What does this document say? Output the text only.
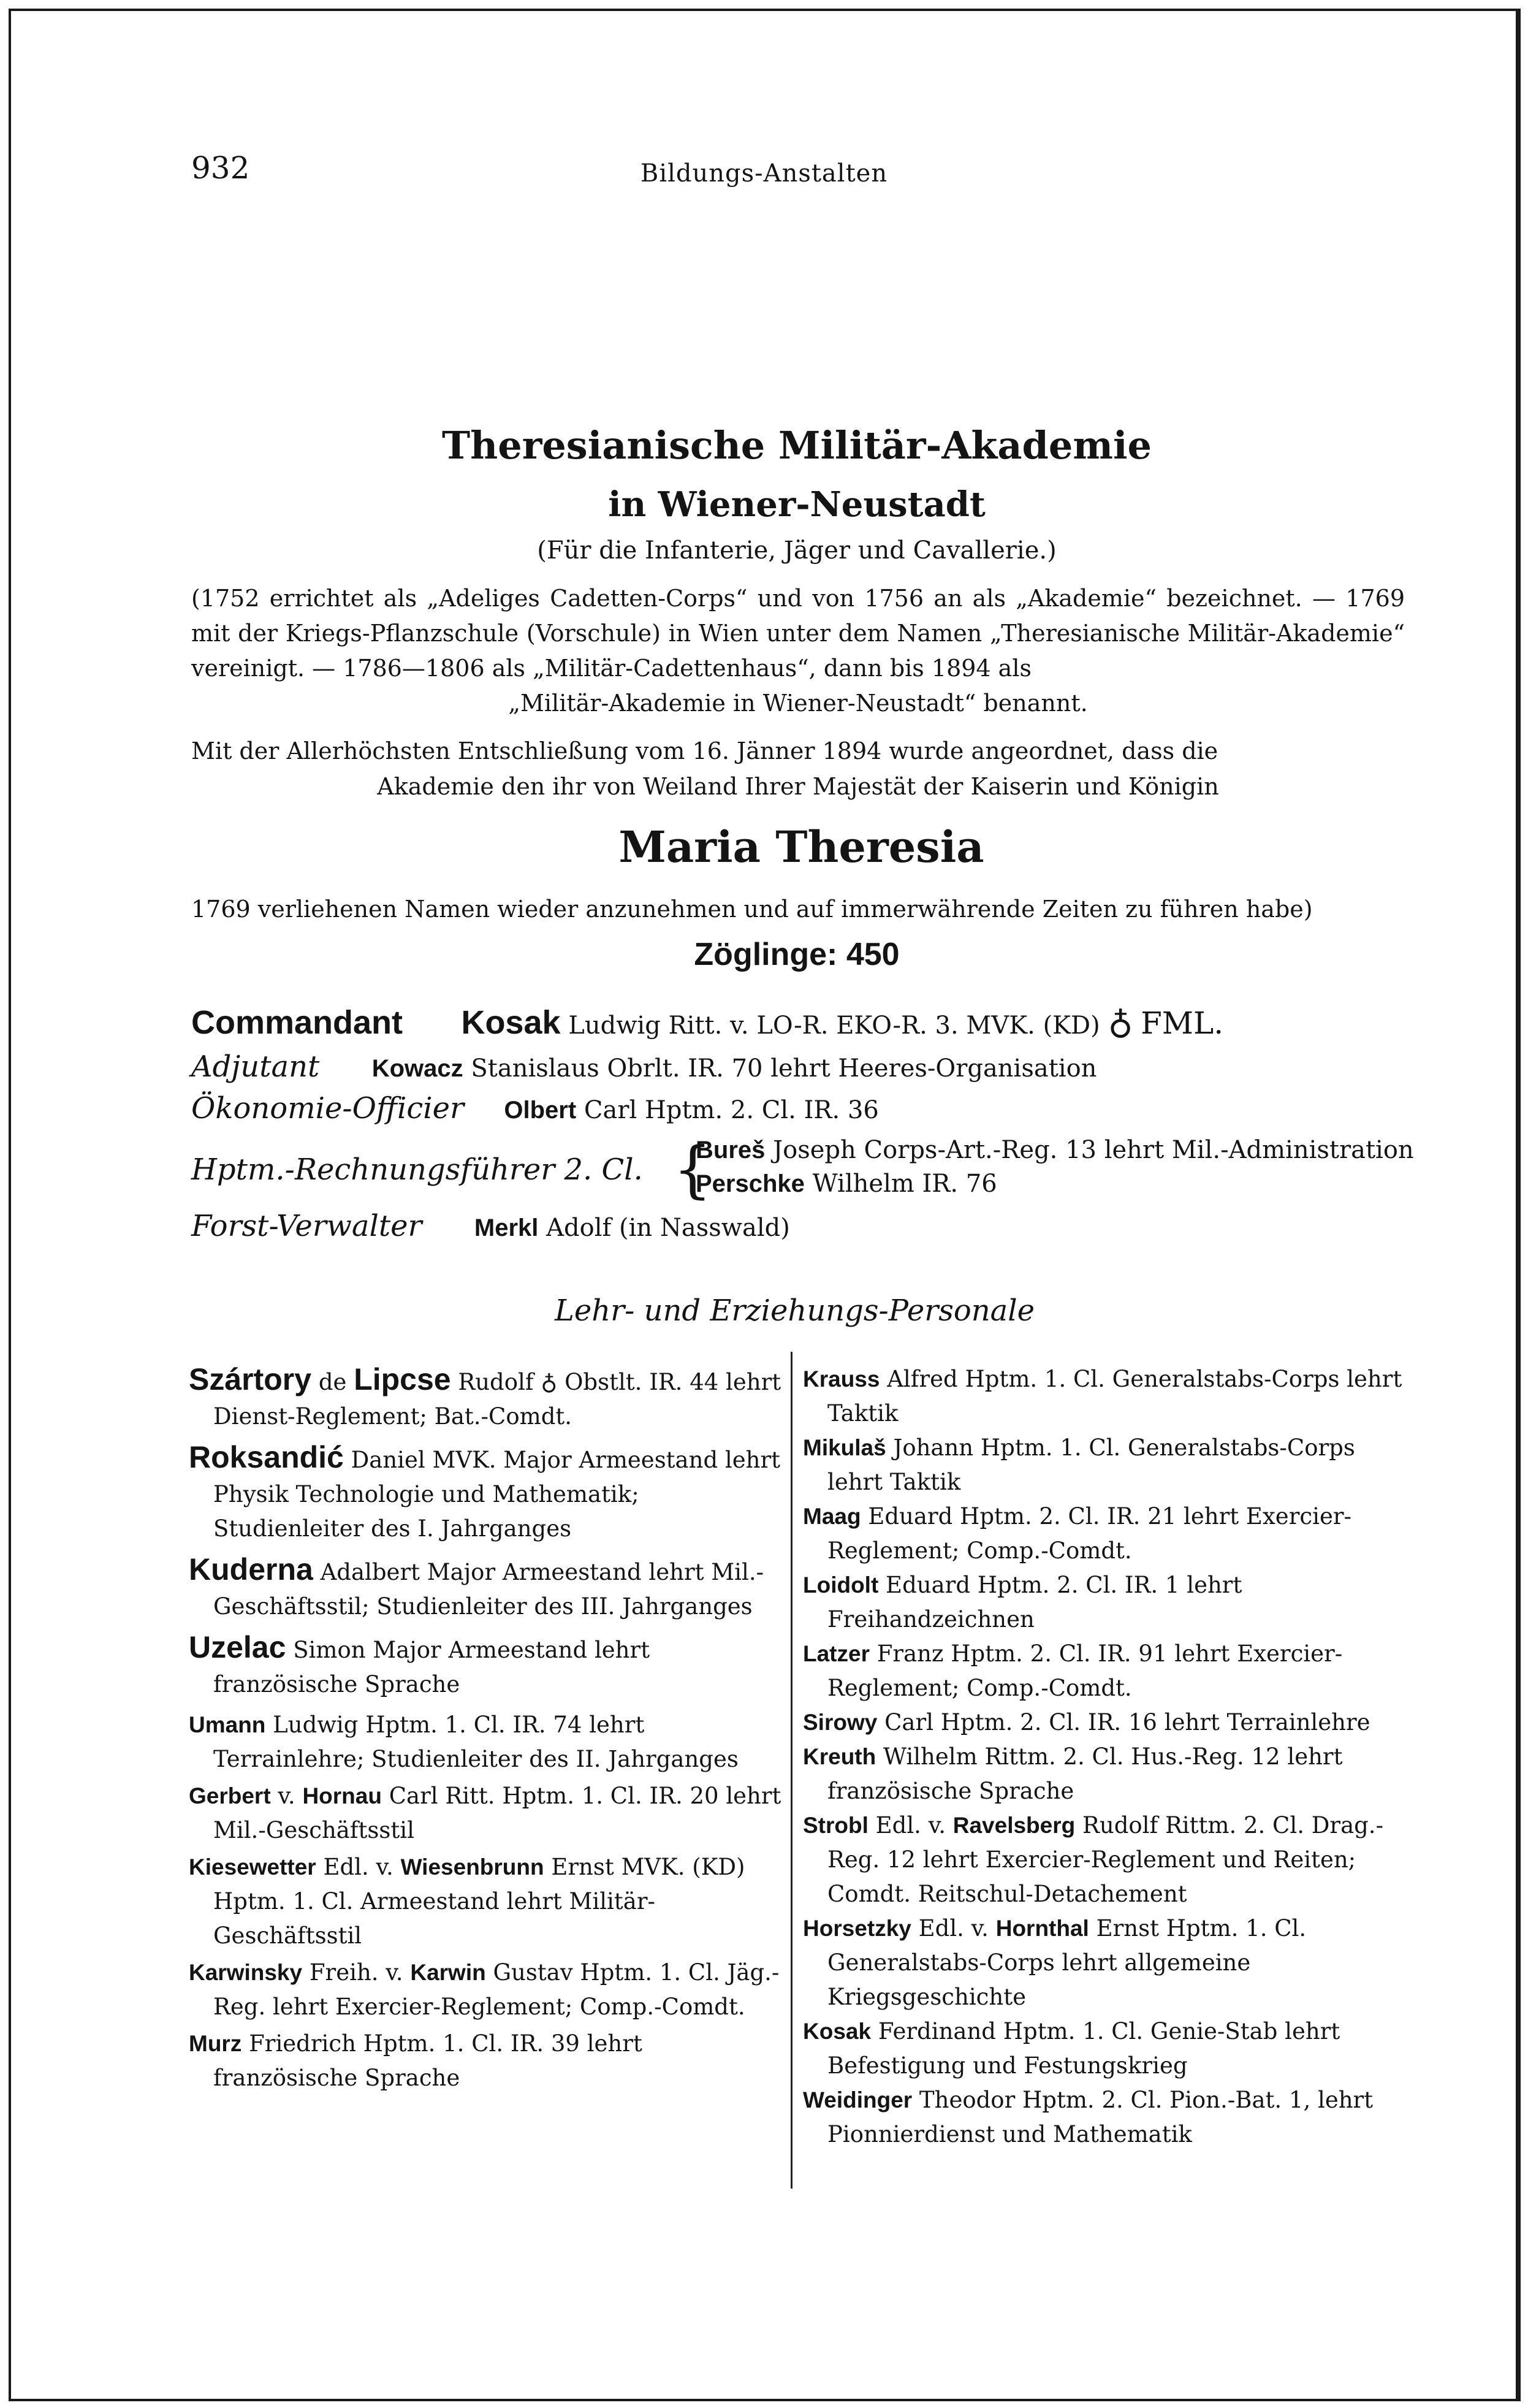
932	Bildungs-Anstalten
Theresianische Militär-Akademie
in Wiener-Neustadt
(Für die Infanterie, Jäger und Cavallerie.)
(1752 errichtet als „Adeliges Cadetten-Corps“ und von 1756 an als „Akademie“ bezeichnet. — 1769 mit der Kriegs-Pflanzschule (Vorschule) in Wien unter dem Namen „Theresianische Militär-Akademie“ vereinigt. — 1786—1806 als „Militär-Cadettenhaus“, dann bis 1894 als
„Militär-Akademie in Wiener-Neustadt“ benannt.
Mit der Allerhöchsten Entschließung vom 16. Jänner 1894 wurde angeordnet, dass die
Akademie den ihr von Weiland Ihrer Majestät der Kaiserin und Königin
Maria Theresia
1769 verliehenen Namen wieder anzunehmen und auf immerwährende Zeiten zu führen habe)
Zöglinge: 450
Commandant Kosak Ludwig Ritt. v. LO-R. EKO-R. 3. MVK. (KD) ♁ FML.
Adjutant Kowacz Stanislaus Obrlt. IR. 70 lehrt Heeres-Organisation
Ökonomie-Officier Olbert Carl Hptm. 2. Cl. IR. 36
Hptm.-Rechnungsführer 2. Cl. {
Bureš Joseph Corps-Art.-Reg. 13 lehrt Mil.-Administration
Perschke Wilhelm IR. 76
Forst-Verwalter Merkl Adolf (in Nasswald)
Lehr- und Erziehungs-Personale

Szártory de Lipcse Rudolf ♁ Obstlt. IR. 44 lehrt Dienst-Reglement; Bat.-Comdt.

Roksandić Daniel MVK. Major Armeestand lehrt Physik Technologie und Mathematik; Studienleiter des I. Jahrganges

Kuderna Adalbert Major Armeestand lehrt Mil.-Geschäftsstil; Studienleiter des III. Jahrganges

Uzelac Simon Major Armeestand lehrt französische Sprache

Umann Ludwig Hptm. 1. Cl. IR. 74 lehrt Terrainlehre; Studienleiter des II. Jahrganges

Gerbert v. Hornau Carl Ritt. Hptm. 1. Cl. IR. 20 lehrt Mil.-Geschäftsstil

Kiesewetter Edl. v. Wiesenbrunn Ernst MVK. (KD) Hptm. 1. Cl. Armeestand lehrt Militär-Geschäftsstil

Karwinsky Freih. v. Karwin Gustav Hptm. 1. Cl. Jäg.-Reg. lehrt Exercier-Reglement; Comp.-Comdt.

Murz Friedrich Hptm. 1. Cl. IR. 39 lehrt französische Sprache

Krauss Alfred Hptm. 1. Cl. Generalstabs-Corps lehrt Taktik

Mikulaš Johann Hptm. 1. Cl. Generalstabs-Corps lehrt Taktik

Maag Eduard Hptm. 2. Cl. IR. 21 lehrt Exercier-Reglement; Comp.-Comdt.

Loidolt Eduard Hptm. 2. Cl. IR. 1 lehrt Freihandzeichnen

Latzer Franz Hptm. 2. Cl. IR. 91 lehrt Exercier-Reglement; Comp.-Comdt.

Sirowy Carl Hptm. 2. Cl. IR. 16 lehrt Terrainlehre

Kreuth Wilhelm Rittm. 2. Cl. Hus.-Reg. 12 lehrt französische Sprache

Strobl Edl. v. Ravelsberg Rudolf Rittm. 2. Cl. Drag.-Reg. 12 lehrt Exercier-Reglement und Reiten; Comdt. Reitschul-Detachement

Horsetzky Edl. v. Hornthal Ernst Hptm. 1. Cl. Generalstabs-Corps lehrt allgemeine Kriegsgeschichte

Kosak Ferdinand Hptm. 1. Cl. Genie-Stab lehrt Befestigung und Festungskrieg

Weidinger Theodor Hptm. 2. Cl. Pion.-Bat. 1, lehrt Pionnierdienst und Mathematik
